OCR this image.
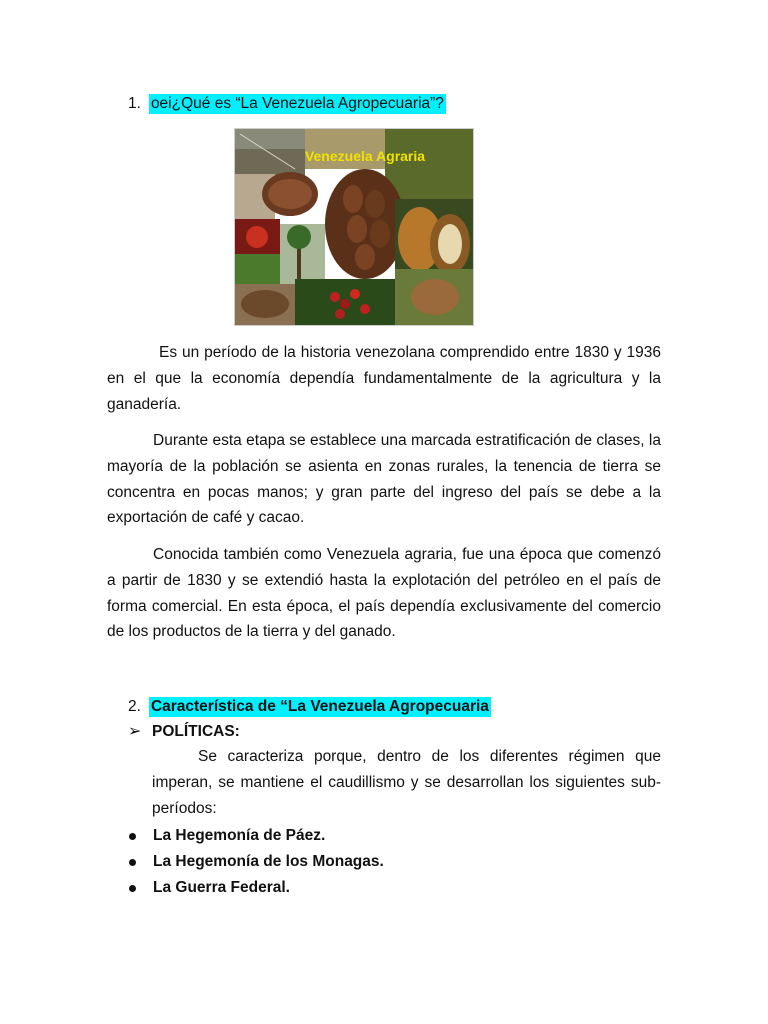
1. oei¿Qué es “La Venezuela Agropecuaria”?
Venezuela Agraria

Es un período de la historia venezolana comprendido entre 1830 y 1936 en el que la economía dependía fundamentalmente de la agricultura y la ganadería.

Durante esta etapa se establece una marcada estratificación de clases, la mayoría de la población se asienta en zonas rurales, la tenencia de tierra se concentra en pocas manos; y gran parte del ingreso del país se debe a la exportación de café y cacao.

Conocida también como Venezuela agraria, fue una época que comenzó a partir de 1830 y se extendió hasta la explotación del petróleo en el país de forma comercial. En esta época, el país dependía exclusivamente del comercio de los productos de la tierra y del ganado.

2. Característica de “La Venezuela Agropecuaria
➢ POLÍTICAS:

Se caracteriza porque, dentro de los diferentes régimen que imperan, se mantiene el caudillismo y se desarrollan los siguientes sub-períodos:

La Hegemonía de Páez.
La Hegemonía de los Monagas.
La Guerra Federal.
